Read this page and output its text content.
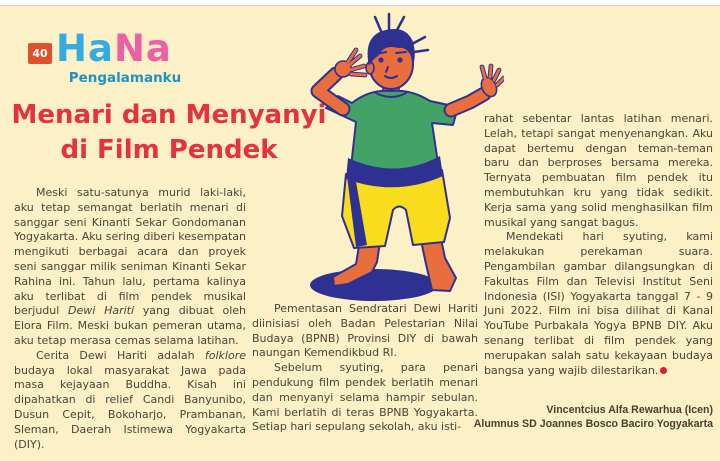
40 HaNa
Pengalamanku
Menari dan Menyanyi
di Film Pendek

Meski satu-satunya murid laki-laki, aku tetap semangat berlatih menari di sanggar seni Kinanti Sekar Gondomanan Yogyakarta. Aku sering diberi kesempatan mengikuti berbagai acara dan proyek seni sanggar milik seniman Kinanti Sekar Rahina ini. Tahun lalu, pertama kalinya aku terlibat di film pendek musikal berjudul Dewi Hariti yang dibuat oleh Elora Film. Meski bukan pemeran utama, aku tetap merasa cemas selama latihan.

Cerita Dewi Hariti adalah folklore budaya lokal masyarakat Jawa pada masa kejayaan Buddha. Kisah ini dipahatkan di relief Candi Banyunibo, Dusun Cepit, Bokoharjo, Prambanan, Sleman, Daerah Istimewa Yogyakarta (DIY).

Pementasan Sendratari Dewi Hariti diinisiasi oleh Badan Pelestarian Nilai Budaya (BPNB) Provinsi DIY di bawah naungan Kemendikbud RI.

Sebelum syuting, para penari pendukung film pendek berlatih menari dan menyanyi selama hampir sebulan. Kami berlatih di teras BPNB Yogyakarta. Setiap hari sepulang sekolah, aku isti-

rahat sebentar lantas latihan menari. Lelah, tetapi sangat menyenangkan. Aku dapat bertemu dengan teman-teman baru dan berproses bersama mereka. Ternyata pembuatan film pendek itu membutuhkan kru yang tidak sedikit. Kerja sama yang solid menghasilkan film musikal yang sangat bagus.

Mendekati hari syuting, kami melakukan perekaman suara. Pengambilan gambar dilangsungkan di Fakultas Film dan Televisi Institut Seni Indonesia (ISI) Yogyakarta tanggal 7 - 9 Juni 2022. Film ini bisa dilihat di Kanal YouTube Purbakala Yogya BPNB DIY. Aku senang terlibat di film pendek yang merupakan salah satu kekayaan budaya bangsa yang wajib dilestarikan.

Vincentcius Alfa Rewarhua (Icen)
Alumnus SD Joannes Bosco Baciro Yogyakarta
